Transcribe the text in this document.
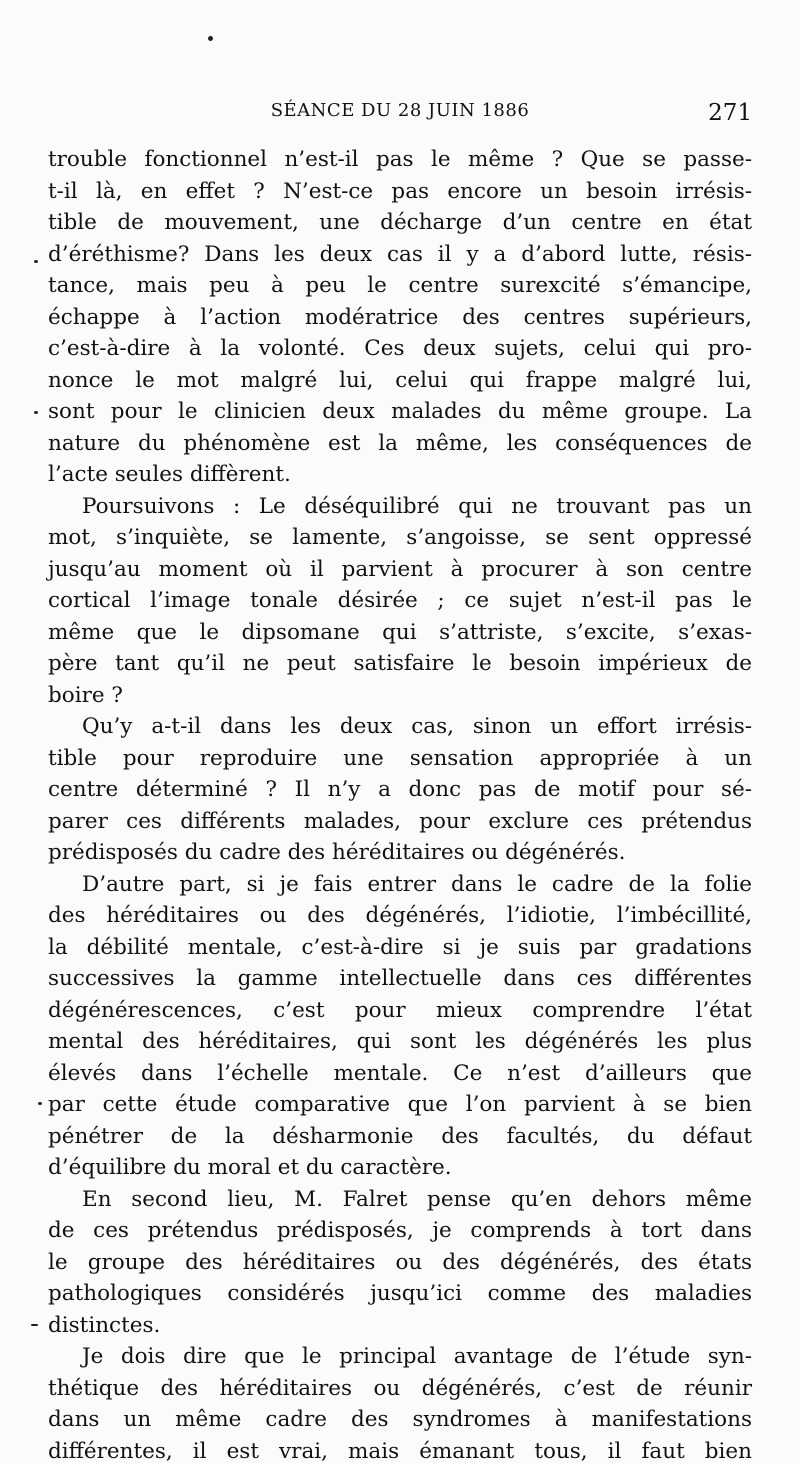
SÉANCE DU 28 JUIN 1886	271
trouble fonctionnel n’est-il pas le même ? Que se passe-
t-il là, en effet ? N’est-ce pas encore un besoin irrésis-
tible de mouvement, une décharge d’un centre en état
d’éréthisme? Dans les deux cas il y a d’abord lutte, résis-
tance, mais peu à peu le centre surexcité s’émancipe,
échappe à l’action modératrice des centres supérieurs,
c’est-à-dire à la volonté. Ces deux sujets, celui qui pro-
nonce le mot malgré lui, celui qui frappe malgré lui,
sont pour le clinicien deux malades du même groupe. La
nature du phénomène est la même, les conséquences de
l’acte seules diffèrent.
Poursuivons : Le déséquilibré qui ne trouvant pas un
mot, s’inquiète, se lamente, s’angoisse, se sent oppressé
jusqu’au moment où il parvient à procurer à son centre
cortical l’image tonale désirée ; ce sujet n’est-il pas le
même que le dipsomane qui s’attriste, s’excite, s’exas-
père tant qu’il ne peut satisfaire le besoin impérieux de
boire ?
Qu’y a-t-il dans les deux cas, sinon un effort irrésis-
tible pour reproduire une sensation appropriée à un
centre déterminé ? Il n’y a donc pas de motif pour sé-
parer ces différents malades, pour exclure ces prétendus
prédisposés du cadre des héréditaires ou dégénérés.
D’autre part, si je fais entrer dans le cadre de la folie
des héréditaires ou des dégénérés, l’idiotie, l’imbécillité,
la débilité mentale, c’est-à-dire si je suis par gradations
successives la gamme intellectuelle dans ces différentes
dégénérescences, c’est pour mieux comprendre l’état
mental des héréditaires, qui sont les dégénérés les plus
élevés dans l’échelle mentale. Ce n’est d’ailleurs que
par cette étude comparative que l’on parvient à se bien
pénétrer de la désharmonie des facultés, du défaut
d’équilibre du moral et du caractère.
En second lieu, M. Falret pense qu’en dehors même
de ces prétendus prédisposés, je comprends à tort dans
le groupe des héréditaires ou des dégénérés, des états
pathologiques considérés jusqu’ici comme des maladies
distinctes.
Je dois dire que le principal avantage de l’étude syn-
thétique des héréditaires ou dégénérés, c’est de réunir
dans un même cadre des syndromes à manifestations
différentes, il est vrai, mais émanant tous, il faut bien
